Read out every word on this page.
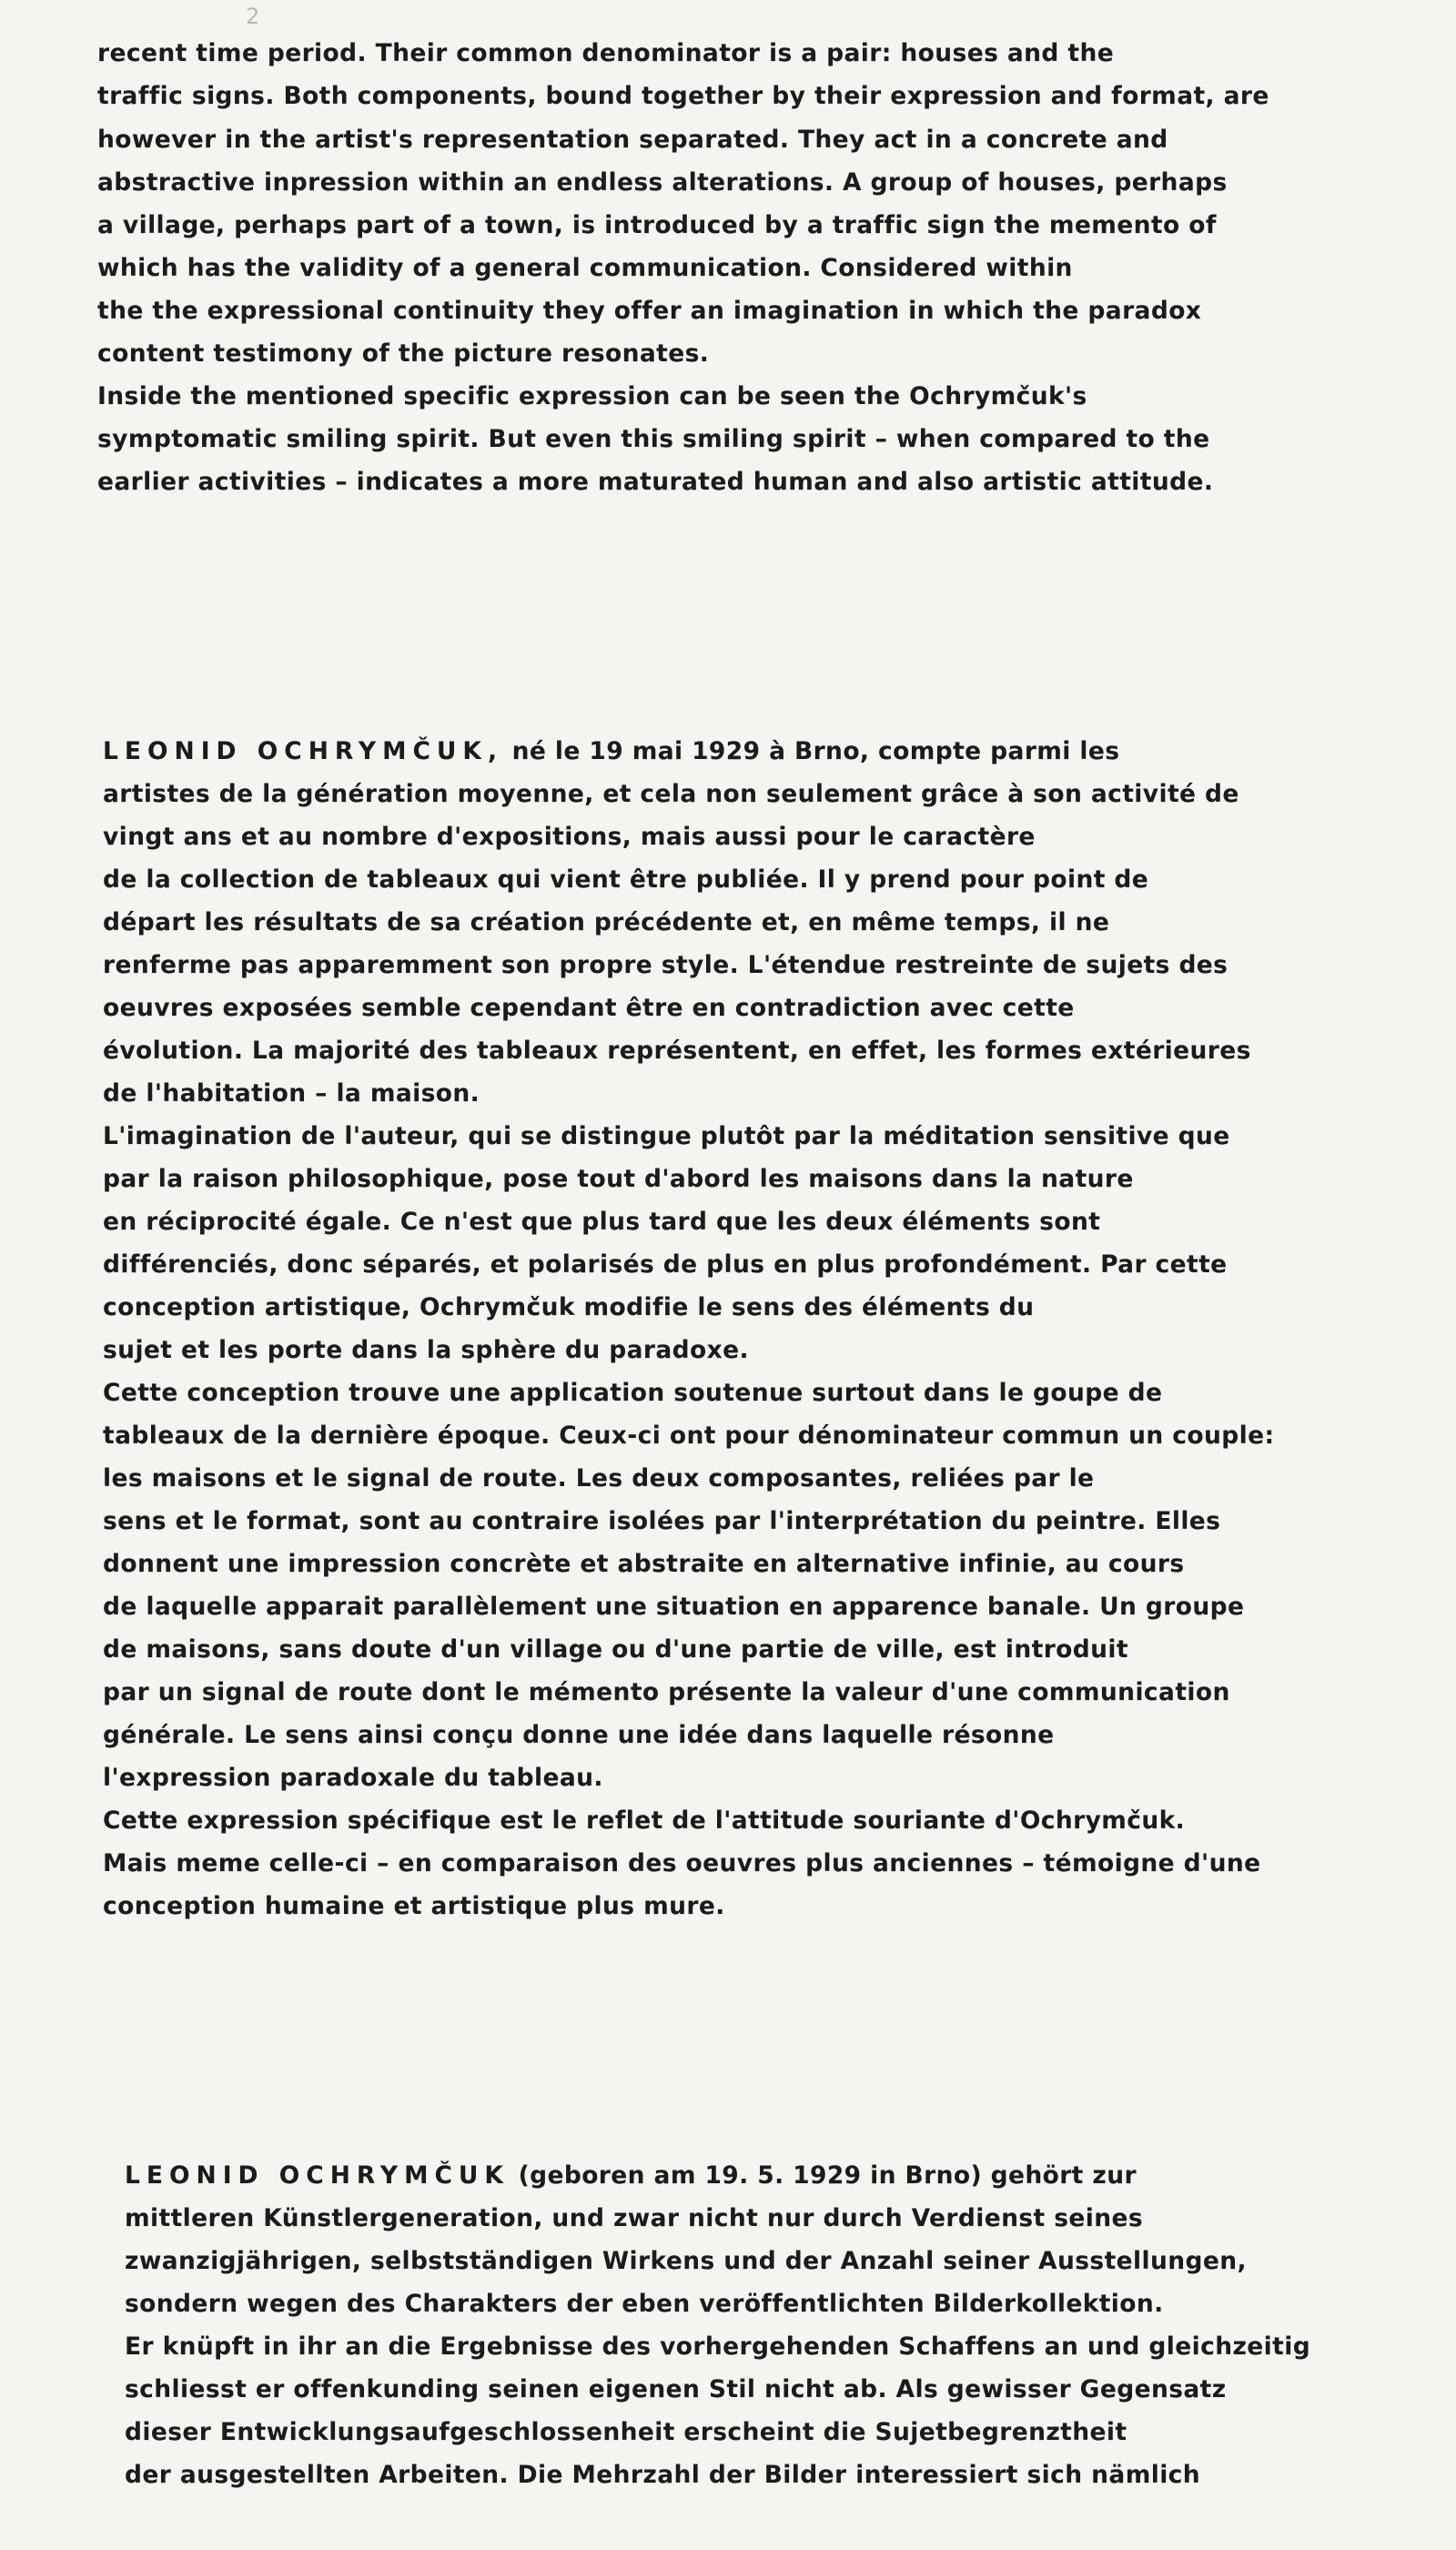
2
recent time period. Their common denominator is a pair: houses and the
traffic signs. Both components, bound together by their expression and format, are
however in the artist's representation separated. They act in a concrete and
abstractive inpression within an endless alterations. A group of houses, perhaps
a village, perhaps part of a town, is introduced by a traffic sign the memento of
which has the validity of a general communication. Considered within
the the expressional continuity they offer an imagination in which the paradox
content testimony of the picture resonates.
Inside the mentioned specific expression can be seen the Ochrymčuk's
symptomatic smiling spirit. But even this smiling spirit – when compared to the
earlier activities – indicates a more maturated human and also artistic attitude.
LEONID OCHRYMČUK, né le 19 mai 1929 à Brno, compte parmi les
artistes de la génération moyenne, et cela non seulement grâce à son activité de
vingt ans et au nombre d'expositions, mais aussi pour le caractère
de la collection de tableaux qui vient être publiée. Il y prend pour point de
départ les résultats de sa création précédente et, en même temps, il ne
renferme pas apparemment son propre style. L'étendue restreinte de sujets des
oeuvres exposées semble cependant être en contradiction avec cette
évolution. La majorité des tableaux représentent, en effet, les formes extérieures
de l'habitation – la maison.
L'imagination de l'auteur, qui se distingue plutôt par la méditation sensitive que
par la raison philosophique, pose tout d'abord les maisons dans la nature
en réciprocité égale. Ce n'est que plus tard que les deux éléments sont
différenciés, donc séparés, et polarisés de plus en plus profondément. Par cette
conception artistique, Ochrymčuk modifie le sens des éléments du
sujet et les porte dans la sphère du paradoxe.
Cette conception trouve une application soutenue surtout dans le goupe de
tableaux de la dernière époque. Ceux-ci ont pour dénominateur commun un couple:
les maisons et le signal de route. Les deux composantes, reliées par le
sens et le format, sont au contraire isolées par l'interprétation du peintre. Elles
donnent une impression concrète et abstraite en alternative infinie, au cours
de laquelle apparait parallèlement une situation en apparence banale. Un groupe
de maisons, sans doute d'un village ou d'une partie de ville, est introduit
par un signal de route dont le mémento présente la valeur d'une communication
générale. Le sens ainsi conçu donne une idée dans laquelle résonne
l'expression paradoxale du tableau.
Cette expression spécifique est le reflet de l'attitude souriante d'Ochrymčuk.
Mais meme celle-ci – en comparaison des oeuvres plus anciennes – témoigne d'une
conception humaine et artistique plus mure.
LEONID OCHRYMČUK (geboren am 19. 5. 1929 in Brno) gehört zur
mittleren Künstlergeneration, und zwar nicht nur durch Verdienst seines
zwanzigjährigen, selbstständigen Wirkens und der Anzahl seiner Ausstellungen,
sondern wegen des Charakters der eben veröffentlichten Bilderkollektion.
Er knüpft in ihr an die Ergebnisse des vorhergehenden Schaffens an und gleichzeitig
schliesst er offenkunding seinen eigenen Stil nicht ab. Als gewisser Gegensatz
dieser Entwicklungsaufgeschlossenheit erscheint die Sujetbegrenztheit
der ausgestellten Arbeiten. Die Mehrzahl der Bilder interessiert sich nämlich
